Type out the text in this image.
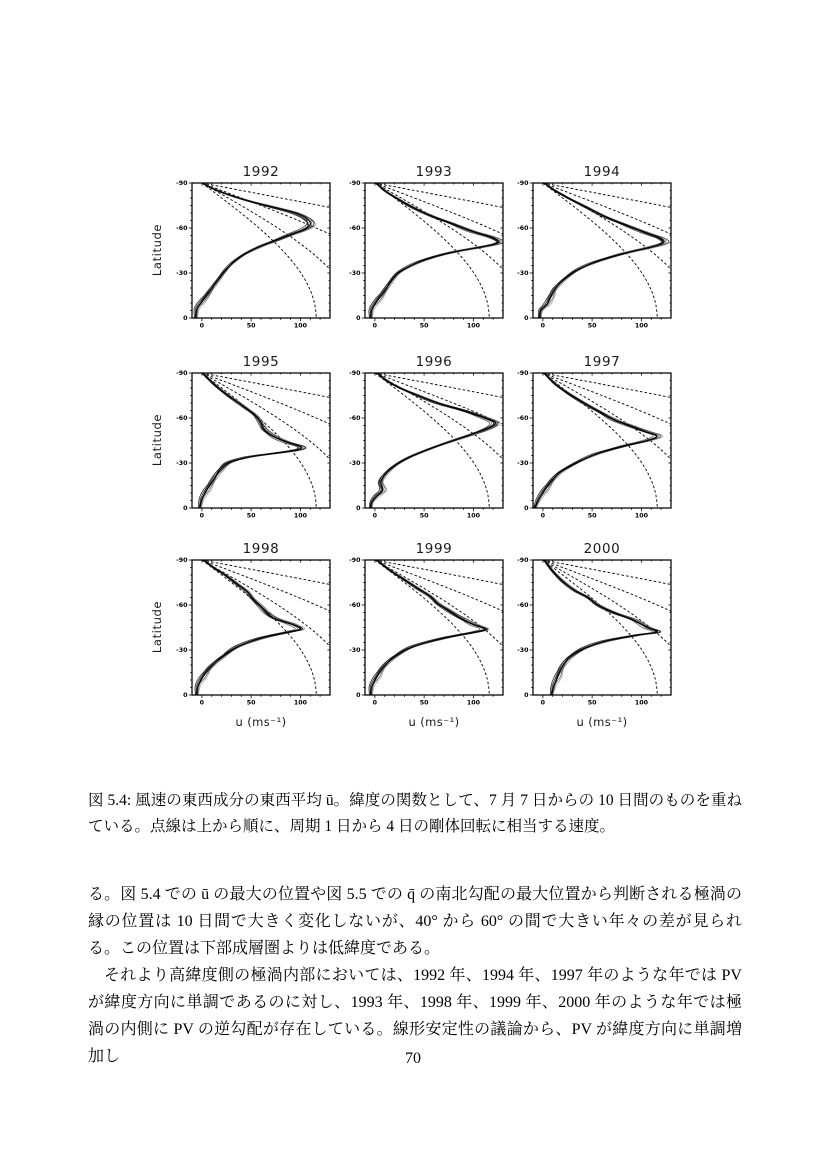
Latitude
Latitude
Latitude
1992
0	50	100
-90
-60
-30
0
1993
0	50	100
-90
-60
-30
0
1994
0	50	100
-90
-60
-30
0
1995
0	50	100
-90
-60
-30
0
1996
0	50	100
-90
-60
-30
0
1997
0	50	100
-90
-60
-30
0
1998
0	50	100
-90
-60
-30
0
1999
0	50	100
-90
-60
-30
0
2000
0	50	100
-90
-60
-30
0
u (ms⁻¹)	u (ms⁻¹)	u (ms⁻¹)
図 5.4: 風速の東西成分の東西平均 ū。緯度の関数として、7 月 7 日からの 10 日間のものを重ねている。点線は上から順に、周期 1 日から 4 日の剛体回転に相当する速度。

る。図 5.4 での ū の最大の位置や図 5.5 での q̄ の南北勾配の最大位置から判断される極渦の縁の位置は 10 日間で大きく変化しないが、40° から 60° の間で大きい年々の差が見られる。この位置は下部成層圏よりは低緯度である。

それより高緯度側の極渦内部においては、1992 年、1994 年、1997 年のような年では PV が緯度方向に単調であるのに対し、1993 年、1998 年、1999 年、2000 年のような年では極渦の内側に PV の逆勾配が存在している。線形安定性の議論から、PV が緯度方向に単調増加し	70
